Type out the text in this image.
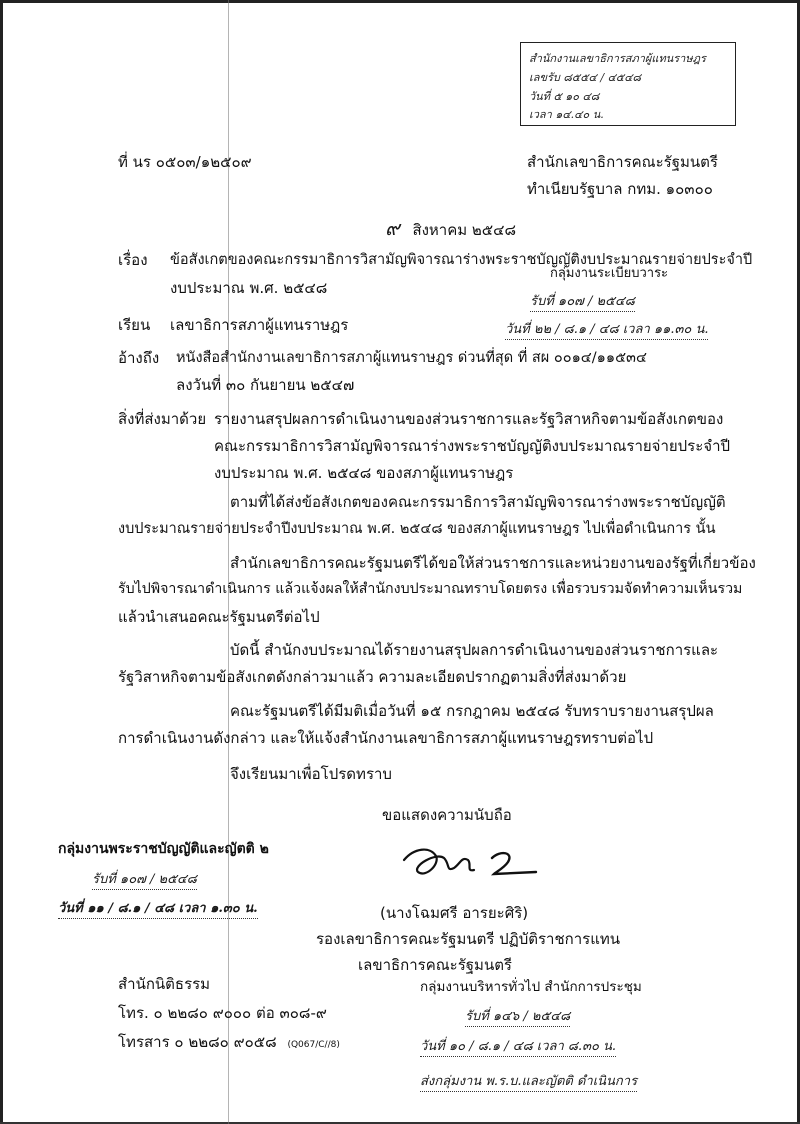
สำนักงานเลขาธิการสภาผู้แทนราษฎร
เลขรับ ๘๕๕๔ / ๔๕๔๘
วันที่ ๕ ๑๐ ๔๘
เวลา ๑๔.๔๐ น.
ที่ นร ๐๕๐๓/๑๒๕๐๙	สำนักเลขาธิการคณะรัฐมนตรี
ทำเนียบรัฐบาล กทม. ๑๐๓๐๐
๙ สิงหาคม ๒๕๔๘
เรื่อง ข้อสังเกตของคณะกรรมาธิการวิสามัญพิจารณาร่างพระราชบัญญัติงบประมาณรายจ่ายประจำปี
งบประมาณ พ.ศ. ๒๕๔๘
กลุ่มงานระเบียบวาระ
รับที่ ๑๐๗ / ๒๕๔๘
วันที่ ๒๒ / ๘.๑ / ๔๘ เวลา ๑๑.๓๐ น.
เรียน เลขาธิการสภาผู้แทนราษฎร
อ้างถึง หนังสือสำนักงานเลขาธิการสภาผู้แทนราษฎร ด่วนที่สุด ที่ สผ ๐๐๑๔/๑๑๕๓๔
ลงวันที่ ๓๐ กันยายน ๒๕๔๗
สิ่งที่ส่งมาด้วย รายงานสรุปผลการดำเนินงานของส่วนราชการและรัฐวิสาหกิจตามข้อสังเกตของ
คณะกรรมาธิการวิสามัญพิจารณาร่างพระราชบัญญัติงบประมาณรายจ่ายประจำปี
งบประมาณ พ.ศ. ๒๕๔๘ ของสภาผู้แทนราษฎร
ตามที่ได้ส่งข้อสังเกตของคณะกรรมาธิการวิสามัญพิจารณาร่างพระราชบัญญัติ
งบประมาณรายจ่ายประจำปีงบประมาณ พ.ศ. ๒๕๔๘ ของสภาผู้แทนราษฎร ไปเพื่อดำเนินการ นั้น
สำนักเลขาธิการคณะรัฐมนตรีได้ขอให้ส่วนราชการและหน่วยงานของรัฐที่เกี่ยวข้อง
รับไปพิจารณาดำเนินการ แล้วแจ้งผลให้สำนักงบประมาณทราบโดยตรง เพื่อรวบรวมจัดทำความเห็นรวม
แล้วนำเสนอคณะรัฐมนตรีต่อไป
บัดนี้ สำนักงบประมาณได้รายงานสรุปผลการดำเนินงานของส่วนราชการและ
รัฐวิสาหกิจตามข้อสังเกตดังกล่าวมาแล้ว ความละเอียดปรากฏตามสิ่งที่ส่งมาด้วย
คณะรัฐมนตรีได้มีมติเมื่อวันที่ ๑๕ กรกฎาคม ๒๕๔๘ รับทราบรายงานสรุปผล
การดำเนินงานดังกล่าว และให้แจ้งสำนักงานเลขาธิการสภาผู้แทนราษฎรทราบต่อไป
จึงเรียนมาเพื่อโปรดทราบ
ขอแสดงความนับถือ
(นางโฉมศรี อารยะศิริ)
รองเลขาธิการคณะรัฐมนตรี ปฏิบัติราชการแทน
เลขาธิการคณะรัฐมนตรี
กลุ่มงานพระราชบัญญัติและญัตติ ๒
รับที่ ๑๐๗ / ๒๕๔๘
วันที่ ๑๑ / ๘.๑ / ๔๘ เวลา ๑.๓๐ น.
สำนักนิติธรรม
โทร. ๐ ๒๒๘๐ ๙๐๐๐ ต่อ ๓๐๘-๙
โทรสาร ๐ ๒๒๘๐ ๙๐๕๘ (Q067/C//8)
กลุ่มงานบริหารทั่วไป สำนักการประชุม
รับที่ ๑๔๖ / ๒๕๔๘
วันที่ ๑๐ / ๘.๑ / ๔๘ เวลา ๘.๓๐ น.
ส่งกลุ่มงาน พ.ร.บ.และญัตติ ดำเนินการ
